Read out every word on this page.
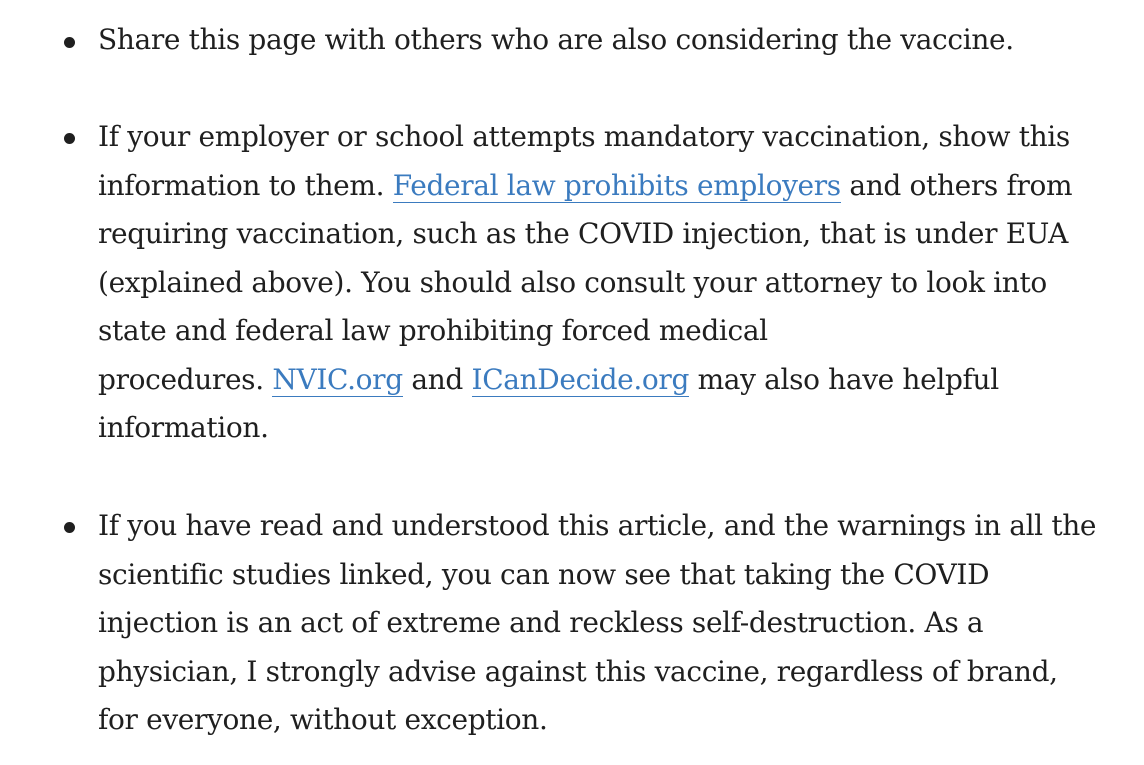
Share this page with others who are also considering the vaccine.

If your employer or school attempts mandatory vaccination, show this
information to them. Federal law prohibits employers and others from
requiring vaccination, such as the COVID injection, that is under EUA
(explained above). You should also consult your attorney to look into
state and federal law prohibiting forced medical
procedures. NVIC.org and ICanDecide.org may also have helpful
information.

If you have read and understood this article, and the warnings in all the
scientific studies linked, you can now see that taking the COVID
injection is an act of extreme and reckless self-destruction. As a
physician, I strongly advise against this vaccine, regardless of brand,
for everyone, without exception.
